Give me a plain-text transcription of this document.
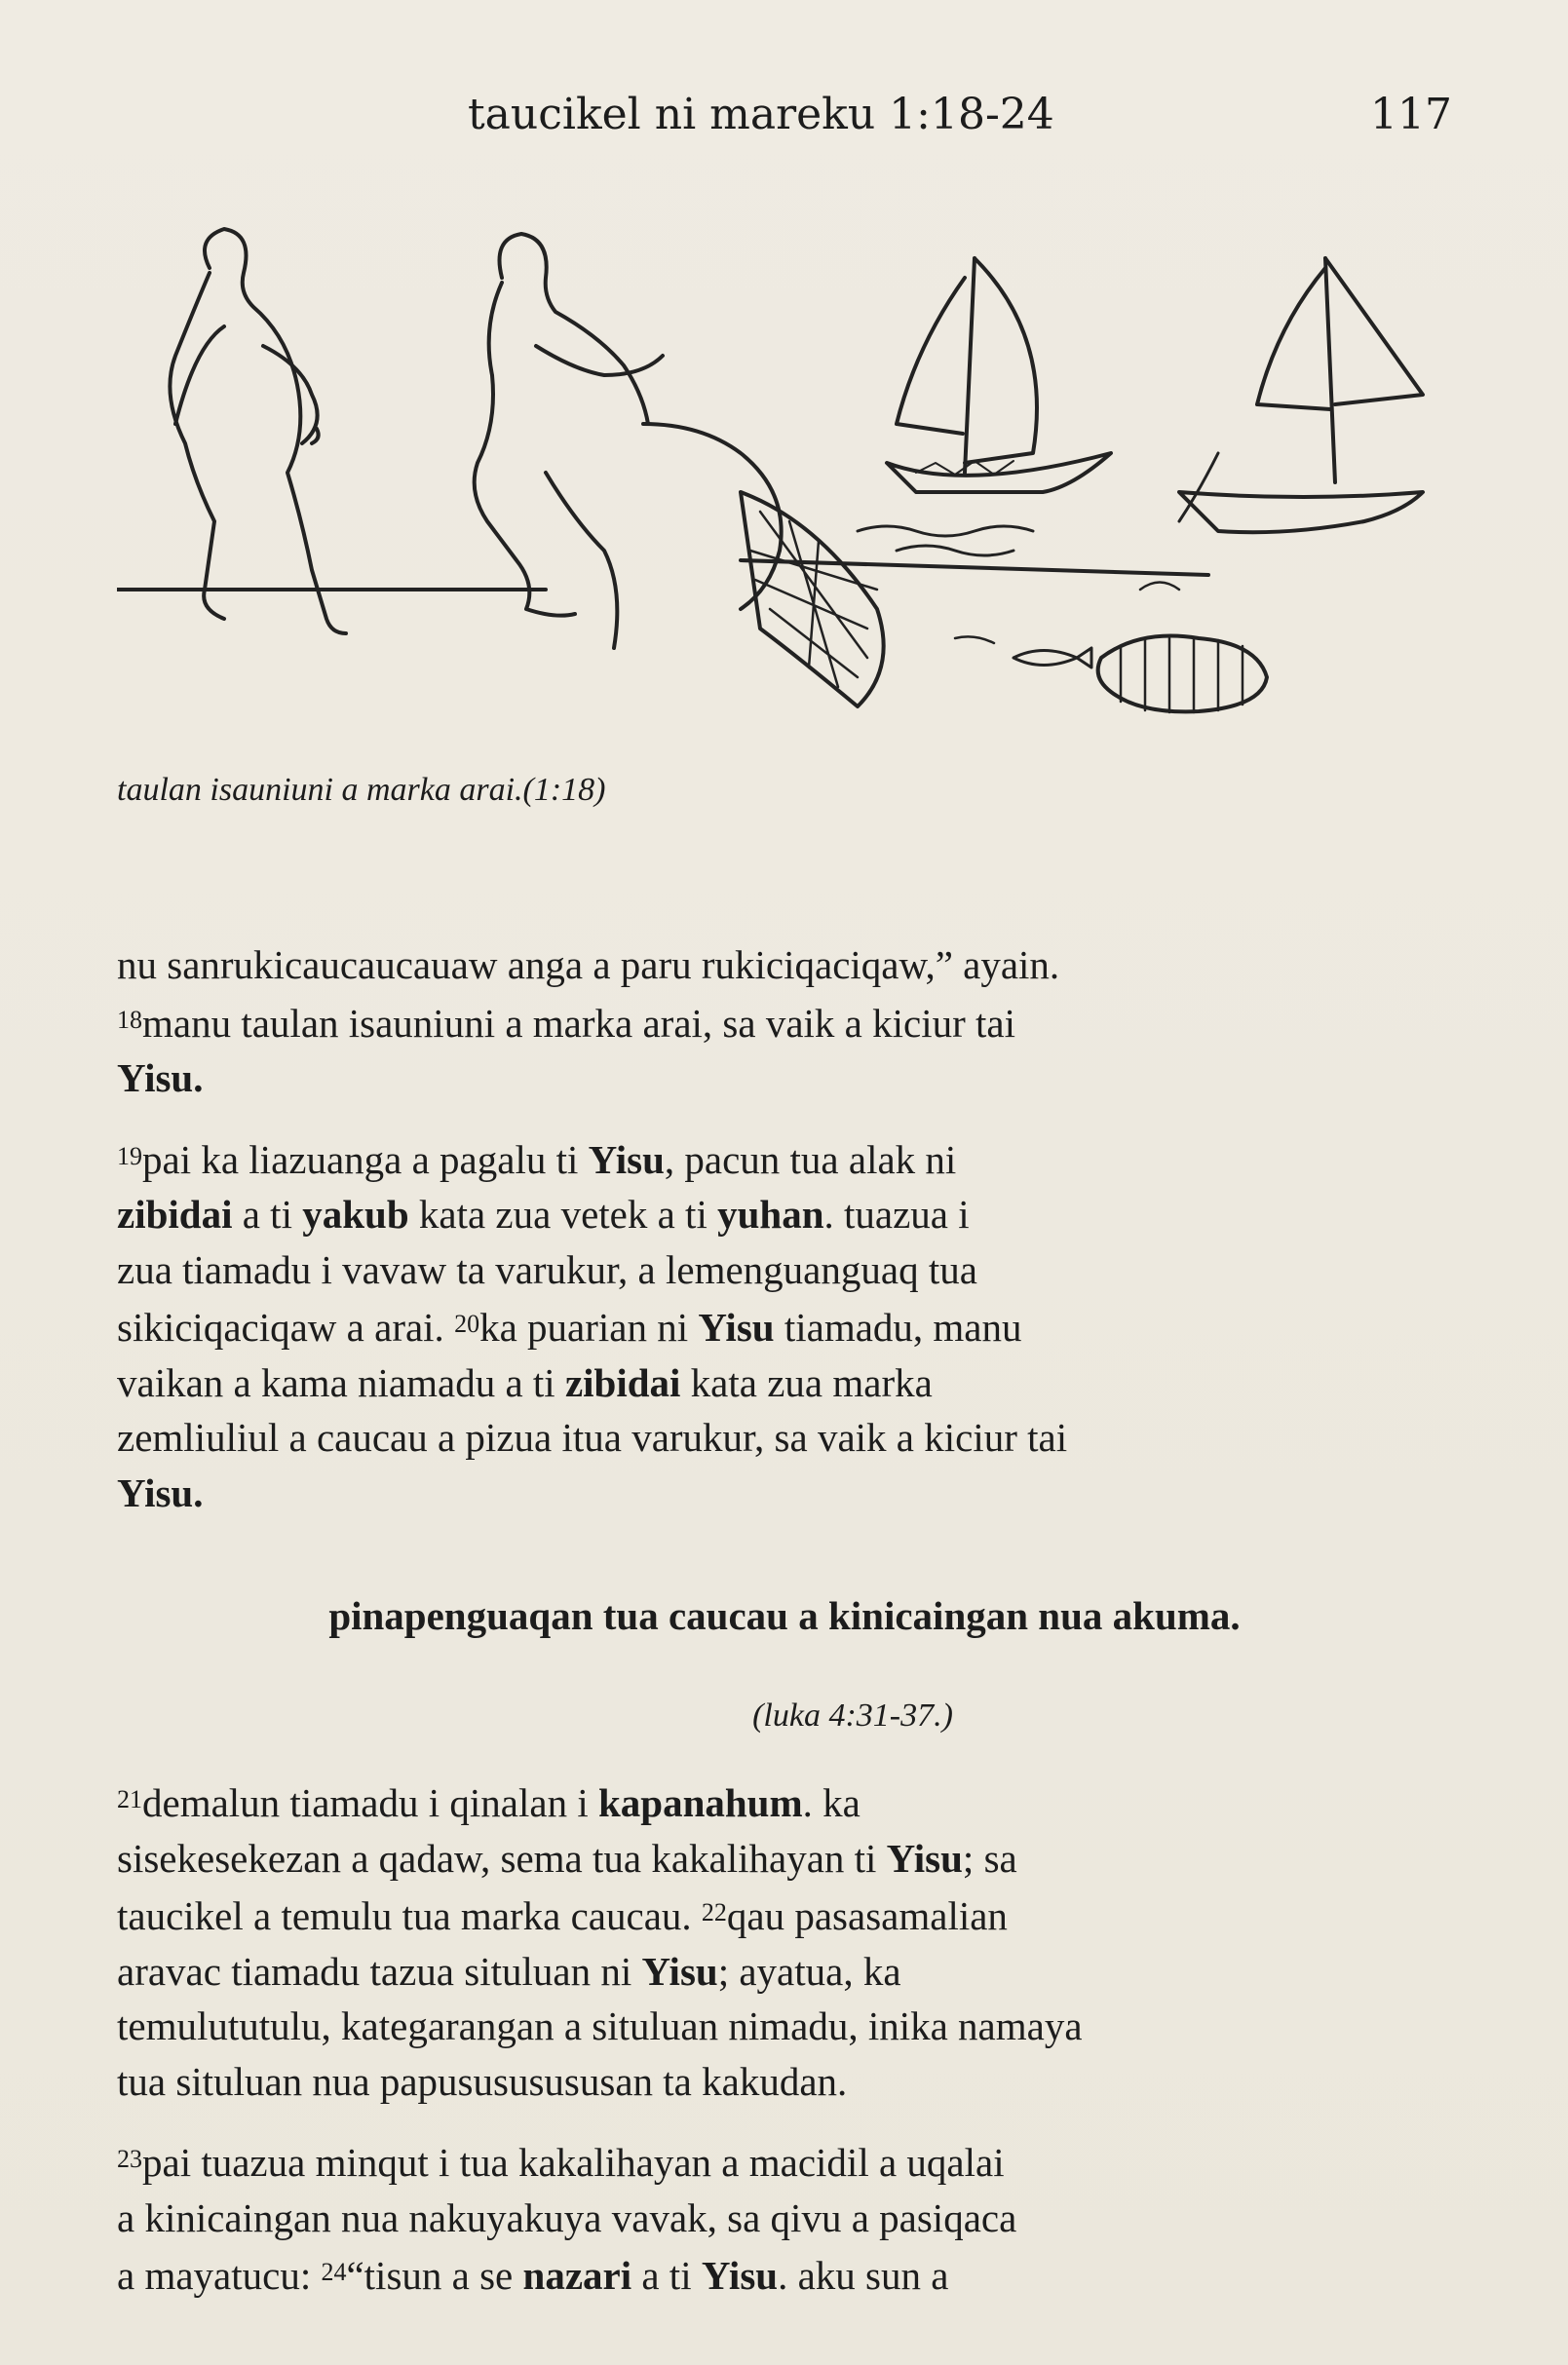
taucikel ni mareku 1:18-24	117
taulan isauniuni a marka arai.(1:18)

nu sanrukicaucaucauaw anga a paru rukiciqaciqaw,” ayain.
$^{18}$manu taulan isauniuni a marka arai, sa vaik a kiciur tai
Yisu.

$^{19}$pai ka liazuanga a pagalu ti Yisu, pacun tua alak ni
zibidai a ti yakub kata zua vetek a ti yuhan. tuazua i
zua tiamadu i vavaw ta varukur, a lemenguanguaq tua
sikiciqaciqaw a arai. $^{20}$ka puarian ni Yisu tiamadu, manu
vaikan a kama niamadu a ti zibidai kata zua marka
zemliuliul a caucau a pizua itua varukur, sa vaik a kiciur tai
Yisu.

pinapenguaqan tua caucau a kinicaingan nua akuma.
(luka 4:31-37.)

$^{21}$demalun tiamadu i qinalan i kapanahum. ka
sisekesekezan a qadaw, sema tua kakalihayan ti Yisu; sa
taucikel a temulu tua marka caucau. $^{22}$qau pasasamalian
aravac tiamadu tazua situluan ni Yisu; ayatua, ka
temulututulu, kategarangan a situluan nimadu, inika namaya
tua situluan nua papusususususan ta kakudan.

$^{23}$pai tuazua minqut i tua kakalihayan a macidil a uqalai
a kinicaingan nua nakuyakuya vavak, sa qivu a pasiqaca
a mayatucu: $^{24}$“tisun a se nazari a ti Yisu. aku sun a
